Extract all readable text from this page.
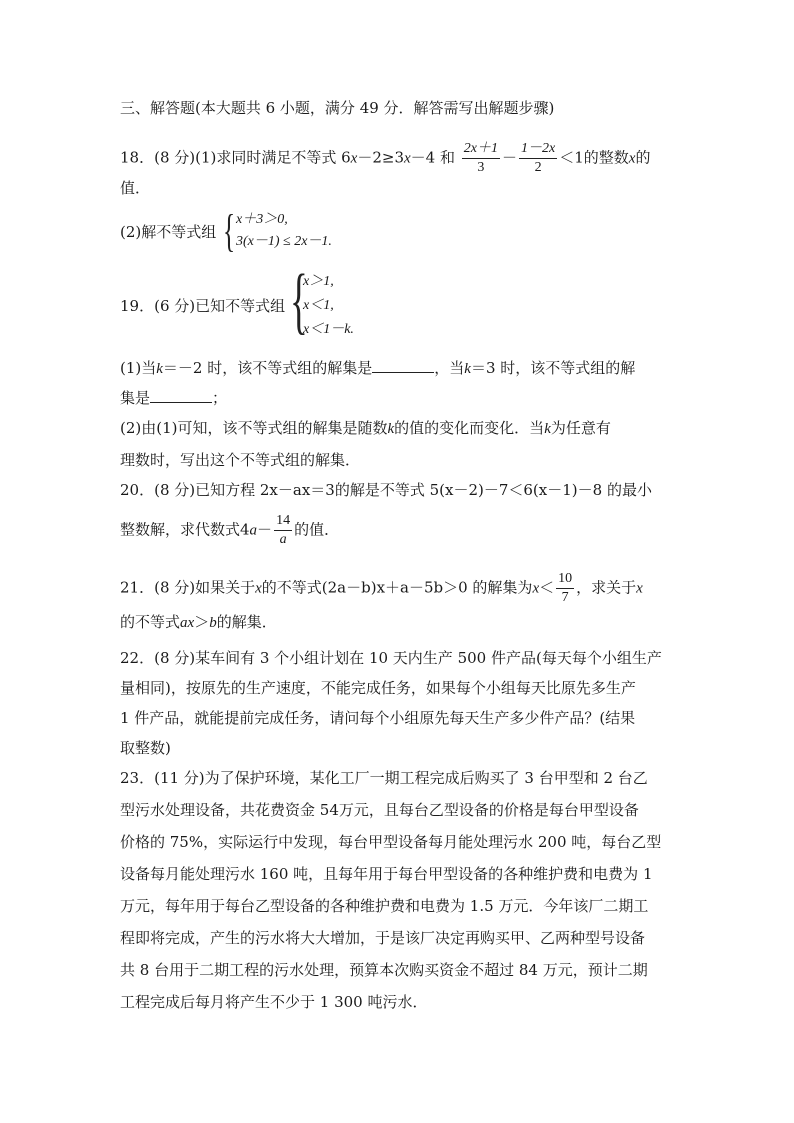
三、解答题(本大题共 6 小题，满分 49 分．解答需写出解题步骤)
18．(8 分)(1)求同时满足不等式 6x－2≥3x－4 和 $\frac{2x+1}{3} - \frac{1-2x}{2} <1$的整数x的
值．
(2)解不等式组 { x＋3＞0,
3(x－1) ≤ 2x－1.
19．(6 分)已知不等式组 {
x＞1,
x＜1,
x＜1－k.
(1)当k＝－2 时，该不等式组的解集是	，当k＝3 时，该不等式组的解
集是	；
(2)由(1)可知，该不等式组的解集是随数k的值的变化而变化．当k为任意有
理数时，写出这个不等式组的解集．
20．(8 分)已知方程 2x－ax＝3的解是不等式 5(x－2)－7＜6(x－1)－8 的最小
整数解，求代数式$4a- \frac{14}{a}$ 的值．
21．(8 分)如果关于x的不等式(2a－b)x＋a－5b＞0 的解集为$x< \frac{10}{7}$ ，求关于x
的不等式ax＞b的解集．
22．(8 分)某车间有 3 个小组计划在 10 天内生产 500 件产品(每天每个小组生产
量相同)，按原先的生产速度，不能完成任务，如果每个小组每天比原先多生产
1 件产品，就能提前完成任务，请问每个小组原先每天生产多少件产品？(结果
取整数)
23．(11 分)为了保护环境，某化工厂一期工程完成后购买了 3 台甲型和 2 台乙
型污水处理设备，共花费资金 54万元，且每台乙型设备的价格是每台甲型设备
价格的 75%，实际运行中发现，每台甲型设备每月能处理污水 200 吨，每台乙型
设备每月能处理污水 160 吨，且每年用于每台甲型设备的各种维护费和电费为 1
万元，每年用于每台乙型设备的各种维护费和电费为 1.5 万元．今年该厂二期工
程即将完成，产生的污水将大大增加，于是该厂决定再购买甲、乙两种型号设备
共 8 台用于二期工程的污水处理，预算本次购买资金不超过 84 万元，预计二期
工程完成后每月将产生不少于 1 300 吨污水．
